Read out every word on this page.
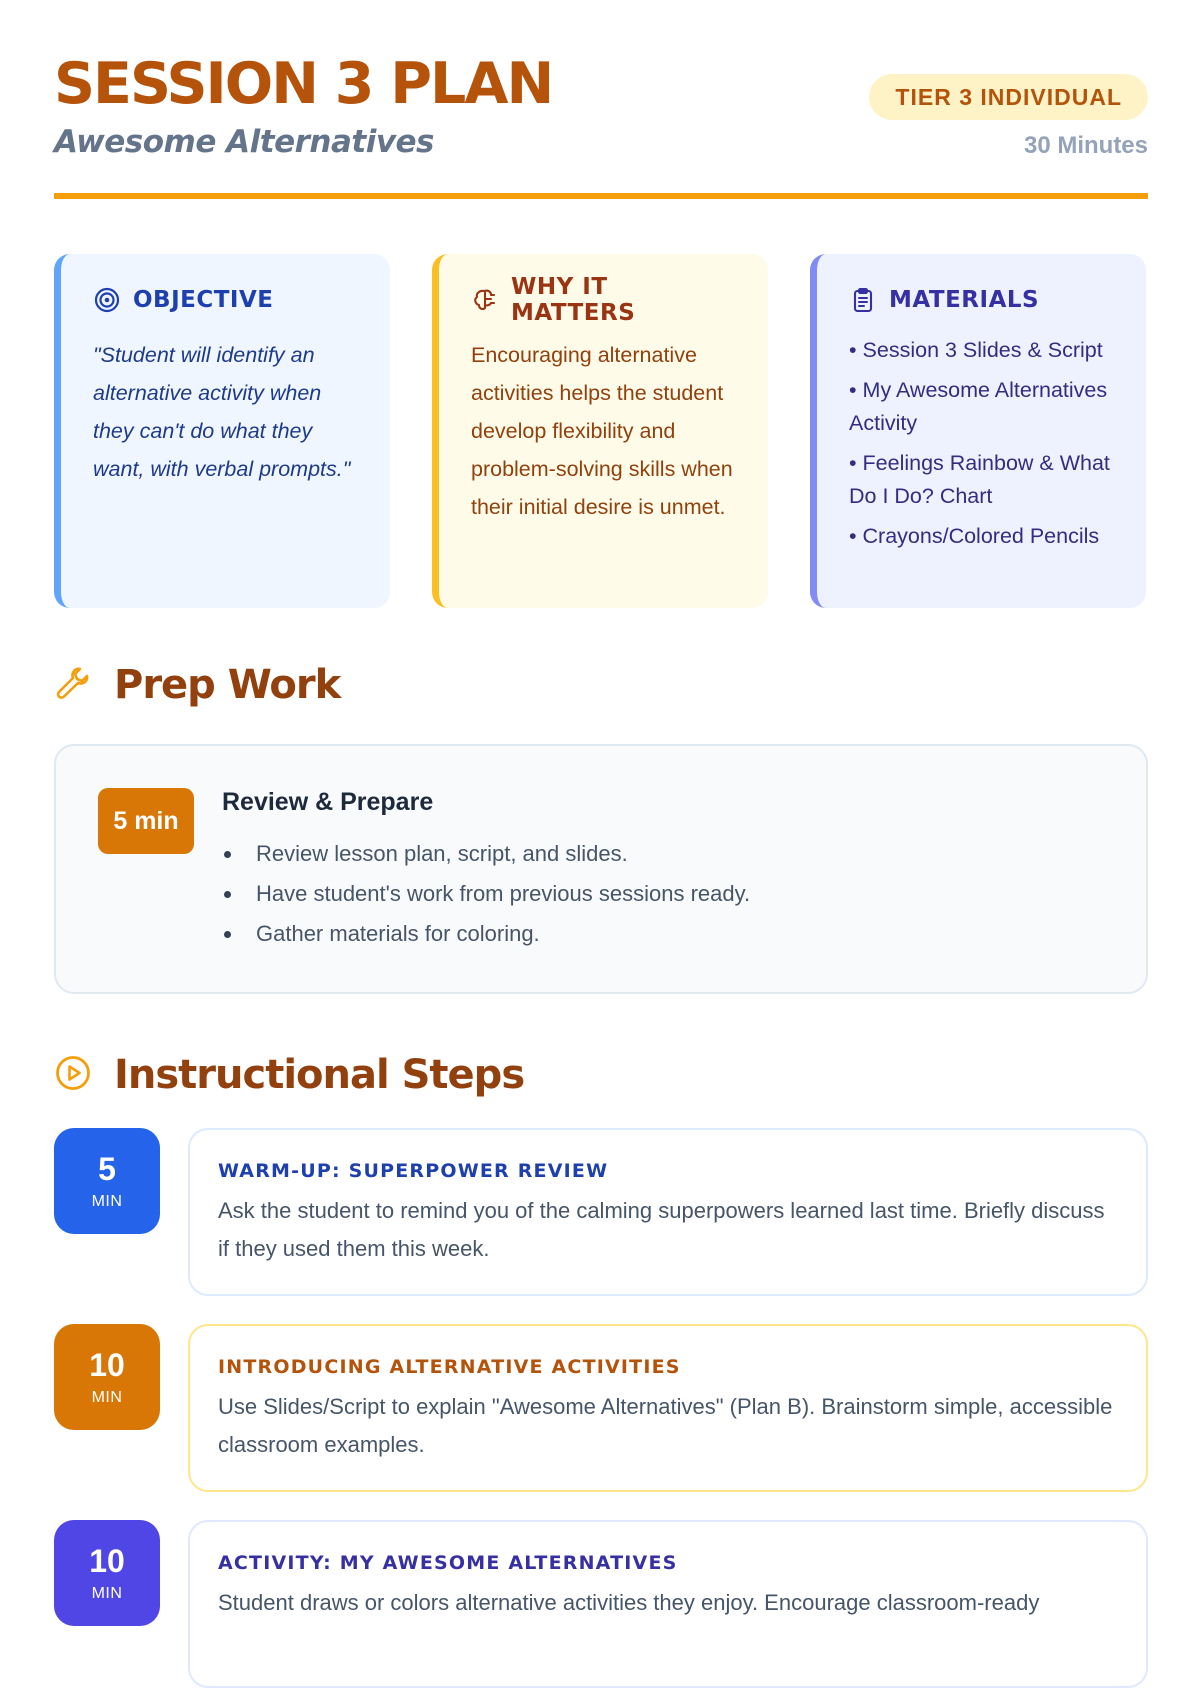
SESSION 3 PLAN
Awesome Alternatives
TIER 3 INDIVIDUAL
30 Minutes
OBJECTIVE

"Student will identify an alternative activity when they can't do what they want, with verbal prompts."

WHY IT MATTERS

Encouraging alternative activities helps the student develop flexibility and problem-solving skills when their initial desire is unmet.

MATERIALS
• Session 3 Slides & Script
• My Awesome Alternatives Activity
• Feelings Rainbow & What Do I Do? Chart
• Crayons/Colored Pencils
Prep Work
5 min
Review & Prepare
Review lesson plan, script, and slides.
Have student's work from previous sessions ready.
Gather materials for coloring.
Instructional Steps
5
MIN
WARM-UP: SUPERPOWER REVIEW

Ask the student to remind you of the calming superpowers learned last time. Briefly discuss if they used them this week.

10
MIN
INTRODUCING ALTERNATIVE ACTIVITIES

Use Slides/Script to explain "Awesome Alternatives" (Plan B). Brainstorm simple, accessible classroom examples.

10
MIN
ACTIVITY: MY AWESOME ALTERNATIVES

Student draws or colors alternative activities they enjoy. Encourage classroom-ready
